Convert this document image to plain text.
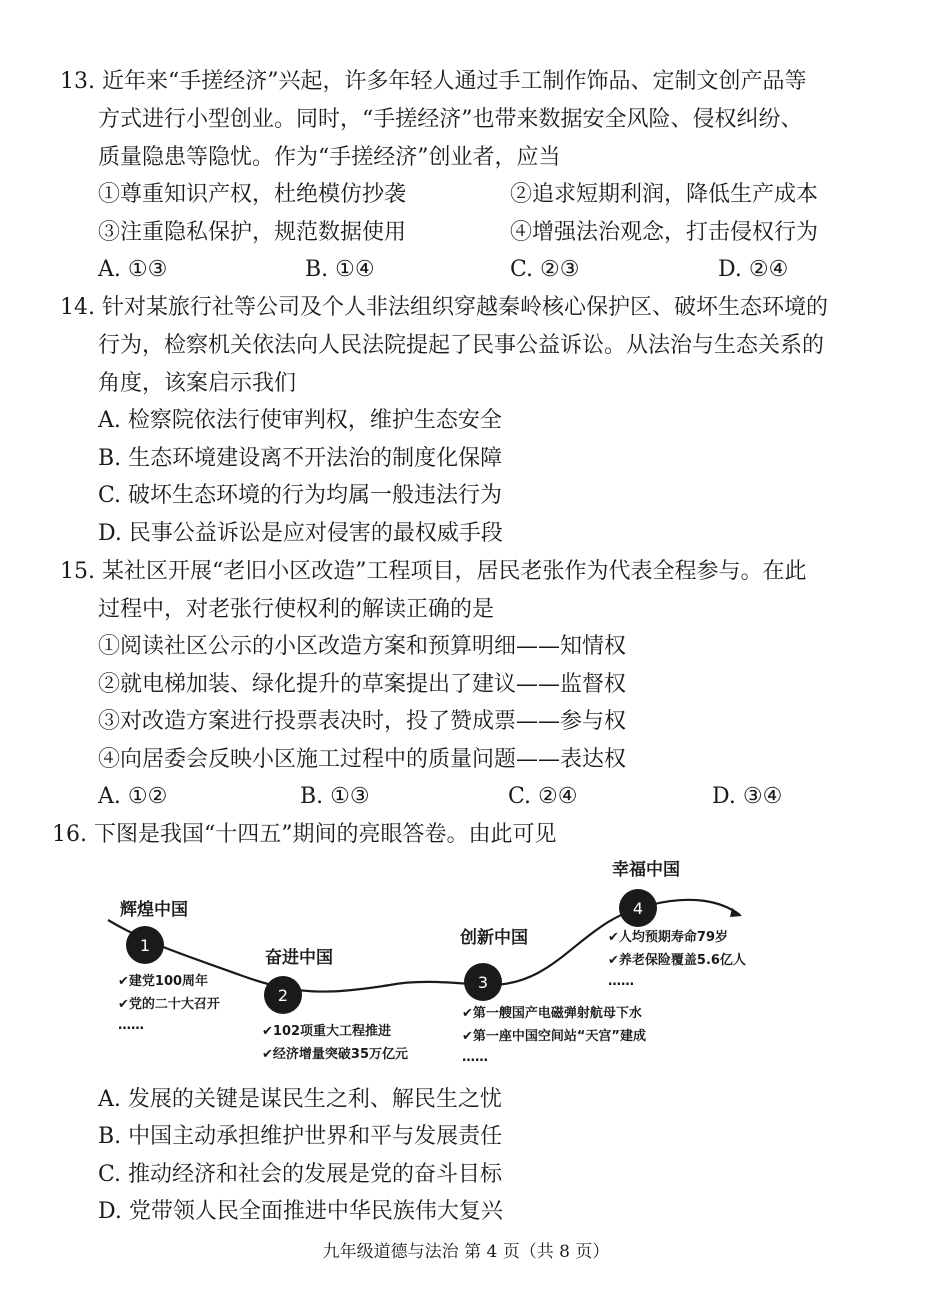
13. 近年来“手搓经济”兴起，许多年轻人通过手工制作饰品、定制文创产品等
方式进行小型创业。同时，“手搓经济”也带来数据安全风险、侵权纠纷、
质量隐患等隐忧。作为“手搓经济”创业者，应当
①尊重知识产权，杜绝模仿抄袭	②追求短期利润，降低生产成本
③注重隐私保护，规范数据使用	④增强法治观念，打击侵权行为
A. ①③	B. ①④	C. ②③	D. ②④
14. 针对某旅行社等公司及个人非法组织穿越秦岭核心保护区、破坏生态环境的
行为，检察机关依法向人民法院提起了民事公益诉讼。从法治与生态关系的
角度，该案启示我们
A. 检察院依法行使审判权，维护生态安全
B. 生态环境建设离不开法治的制度化保障
C. 破坏生态环境的行为均属一般违法行为
D. 民事公益诉讼是应对侵害的最权威手段
15. 某社区开展“老旧小区改造”工程项目，居民老张作为代表全程参与。在此
过程中，对老张行使权利的解读正确的是
①阅读社区公示的小区改造方案和预算明细——知情权
②就电梯加装、绿化提升的草案提出了建议——监督权
③对改造方案进行投票表决时，投了赞成票——参与权
④向居委会反映小区施工过程中的质量问题——表达权
A. ①②	B. ①③	C. ②④	D. ③④
16. 下图是我国“十四五”期间的亮眼答卷。由此可见
1
辉煌中国
✔建党100周年
✔党的二十大召开
……
2
奋进中国
✔102项重大工程推进
✔经济增量突破35万亿元
3
创新中国
✔第一艘国产电磁弹射航母下水
✔第一座中国空间站“天宫”建成
……
4
幸福中国
✔人均预期寿命79岁
✔养老保险覆盖5.6亿人
……
A. 发展的关键是谋民生之利、解民生之忧
B. 中国主动承担维护世界和平与发展责任
C. 推动经济和社会的发展是党的奋斗目标
D. 党带领人民全面推进中华民族伟大复兴
九年级道德与法治 第 4 页（共 8 页）
